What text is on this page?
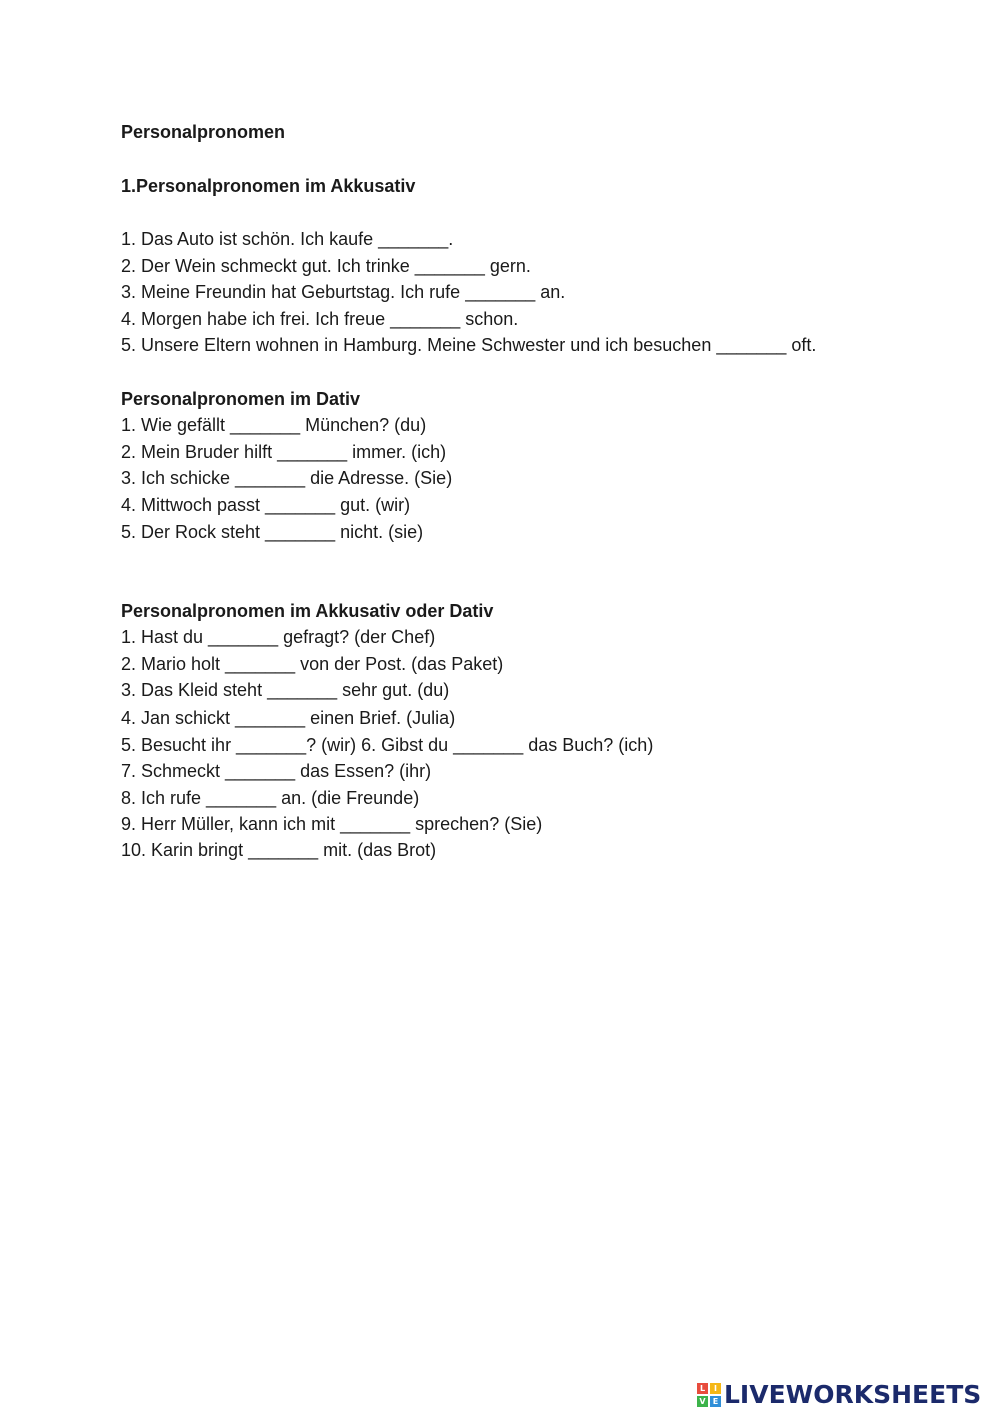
Personalpronomen
1.Personalpronomen im Akkusativ
1. Das Auto ist schön. Ich kaufe _______.
2. Der Wein schmeckt gut. Ich trinke _______ gern.
3. Meine Freundin hat Geburtstag. Ich rufe _______ an.
4. Morgen habe ich frei. Ich freue _______ schon.
5. Unsere Eltern wohnen in Hamburg. Meine Schwester und ich besuchen _______ oft.
Personalpronomen im Dativ
1. Wie gefällt _______ München? (du)
2. Mein Bruder hilft _______ immer. (ich)
3. Ich schicke _______ die Adresse. (Sie)
4. Mittwoch passt _______ gut. (wir)
5. Der Rock steht _______ nicht. (sie)
Personalpronomen im Akkusativ oder Dativ
1. Hast du _______ gefragt? (der Chef)
2. Mario holt _______ von der Post. (das Paket)
3. Das Kleid steht _______ sehr gut. (du)
4. Jan schickt _______ einen Brief. (Julia)
5. Besucht ihr _______? (wir) 6. Gibst du _______ das Buch? (ich)
7. Schmeckt _______ das Essen? (ihr)
8. Ich rufe _______ an. (die Freunde)
9. Herr Müller, kann ich mit _______ sprechen? (Sie)
10. Karin bringt _______ mit. (das Brot)
L	I
V E LIVEWORKSHEETS
